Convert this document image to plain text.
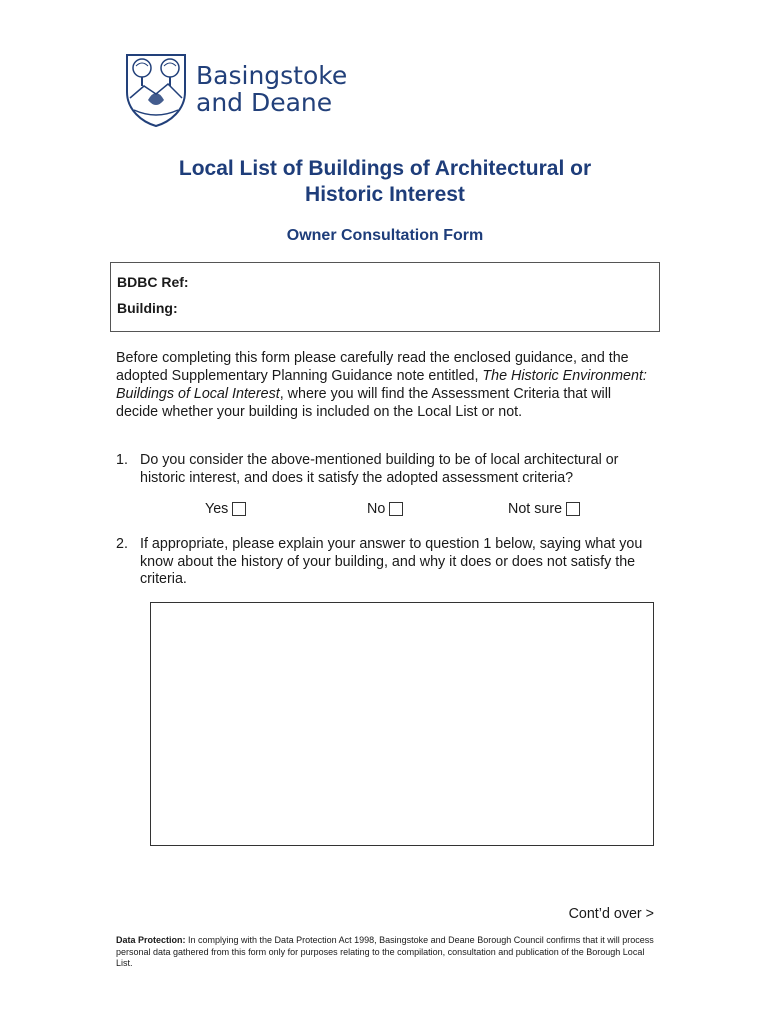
Basingstoke
and Deane
Local List of Buildings of Architectural or
Historic Interest
Owner Consultation Form
BDBC Ref:
Building:
Before completing this form please carefully read the enclosed guidance, and the adopted Supplementary Planning Guidance note entitled, The Historic Environment: Buildings of Local Interest, where you will find the Assessment Criteria that will decide whether your building is included on the Local List or not.
1. Do you consider the above-mentioned building to be of local architectural or historic interest, and does it satisfy the adopted assessment criteria?
Yes	No	Not sure
2. If appropriate, please explain your answer to question 1 below, saying what you know about the history of your building, and why it does or does not satisfy the criteria.
Cont’d over >
Data Protection: In complying with the Data Protection Act 1998, Basingstoke and Deane Borough Council confirms that it will process personal data gathered from this form only for purposes relating to the compilation, consultation and publication of the Borough Local List.
